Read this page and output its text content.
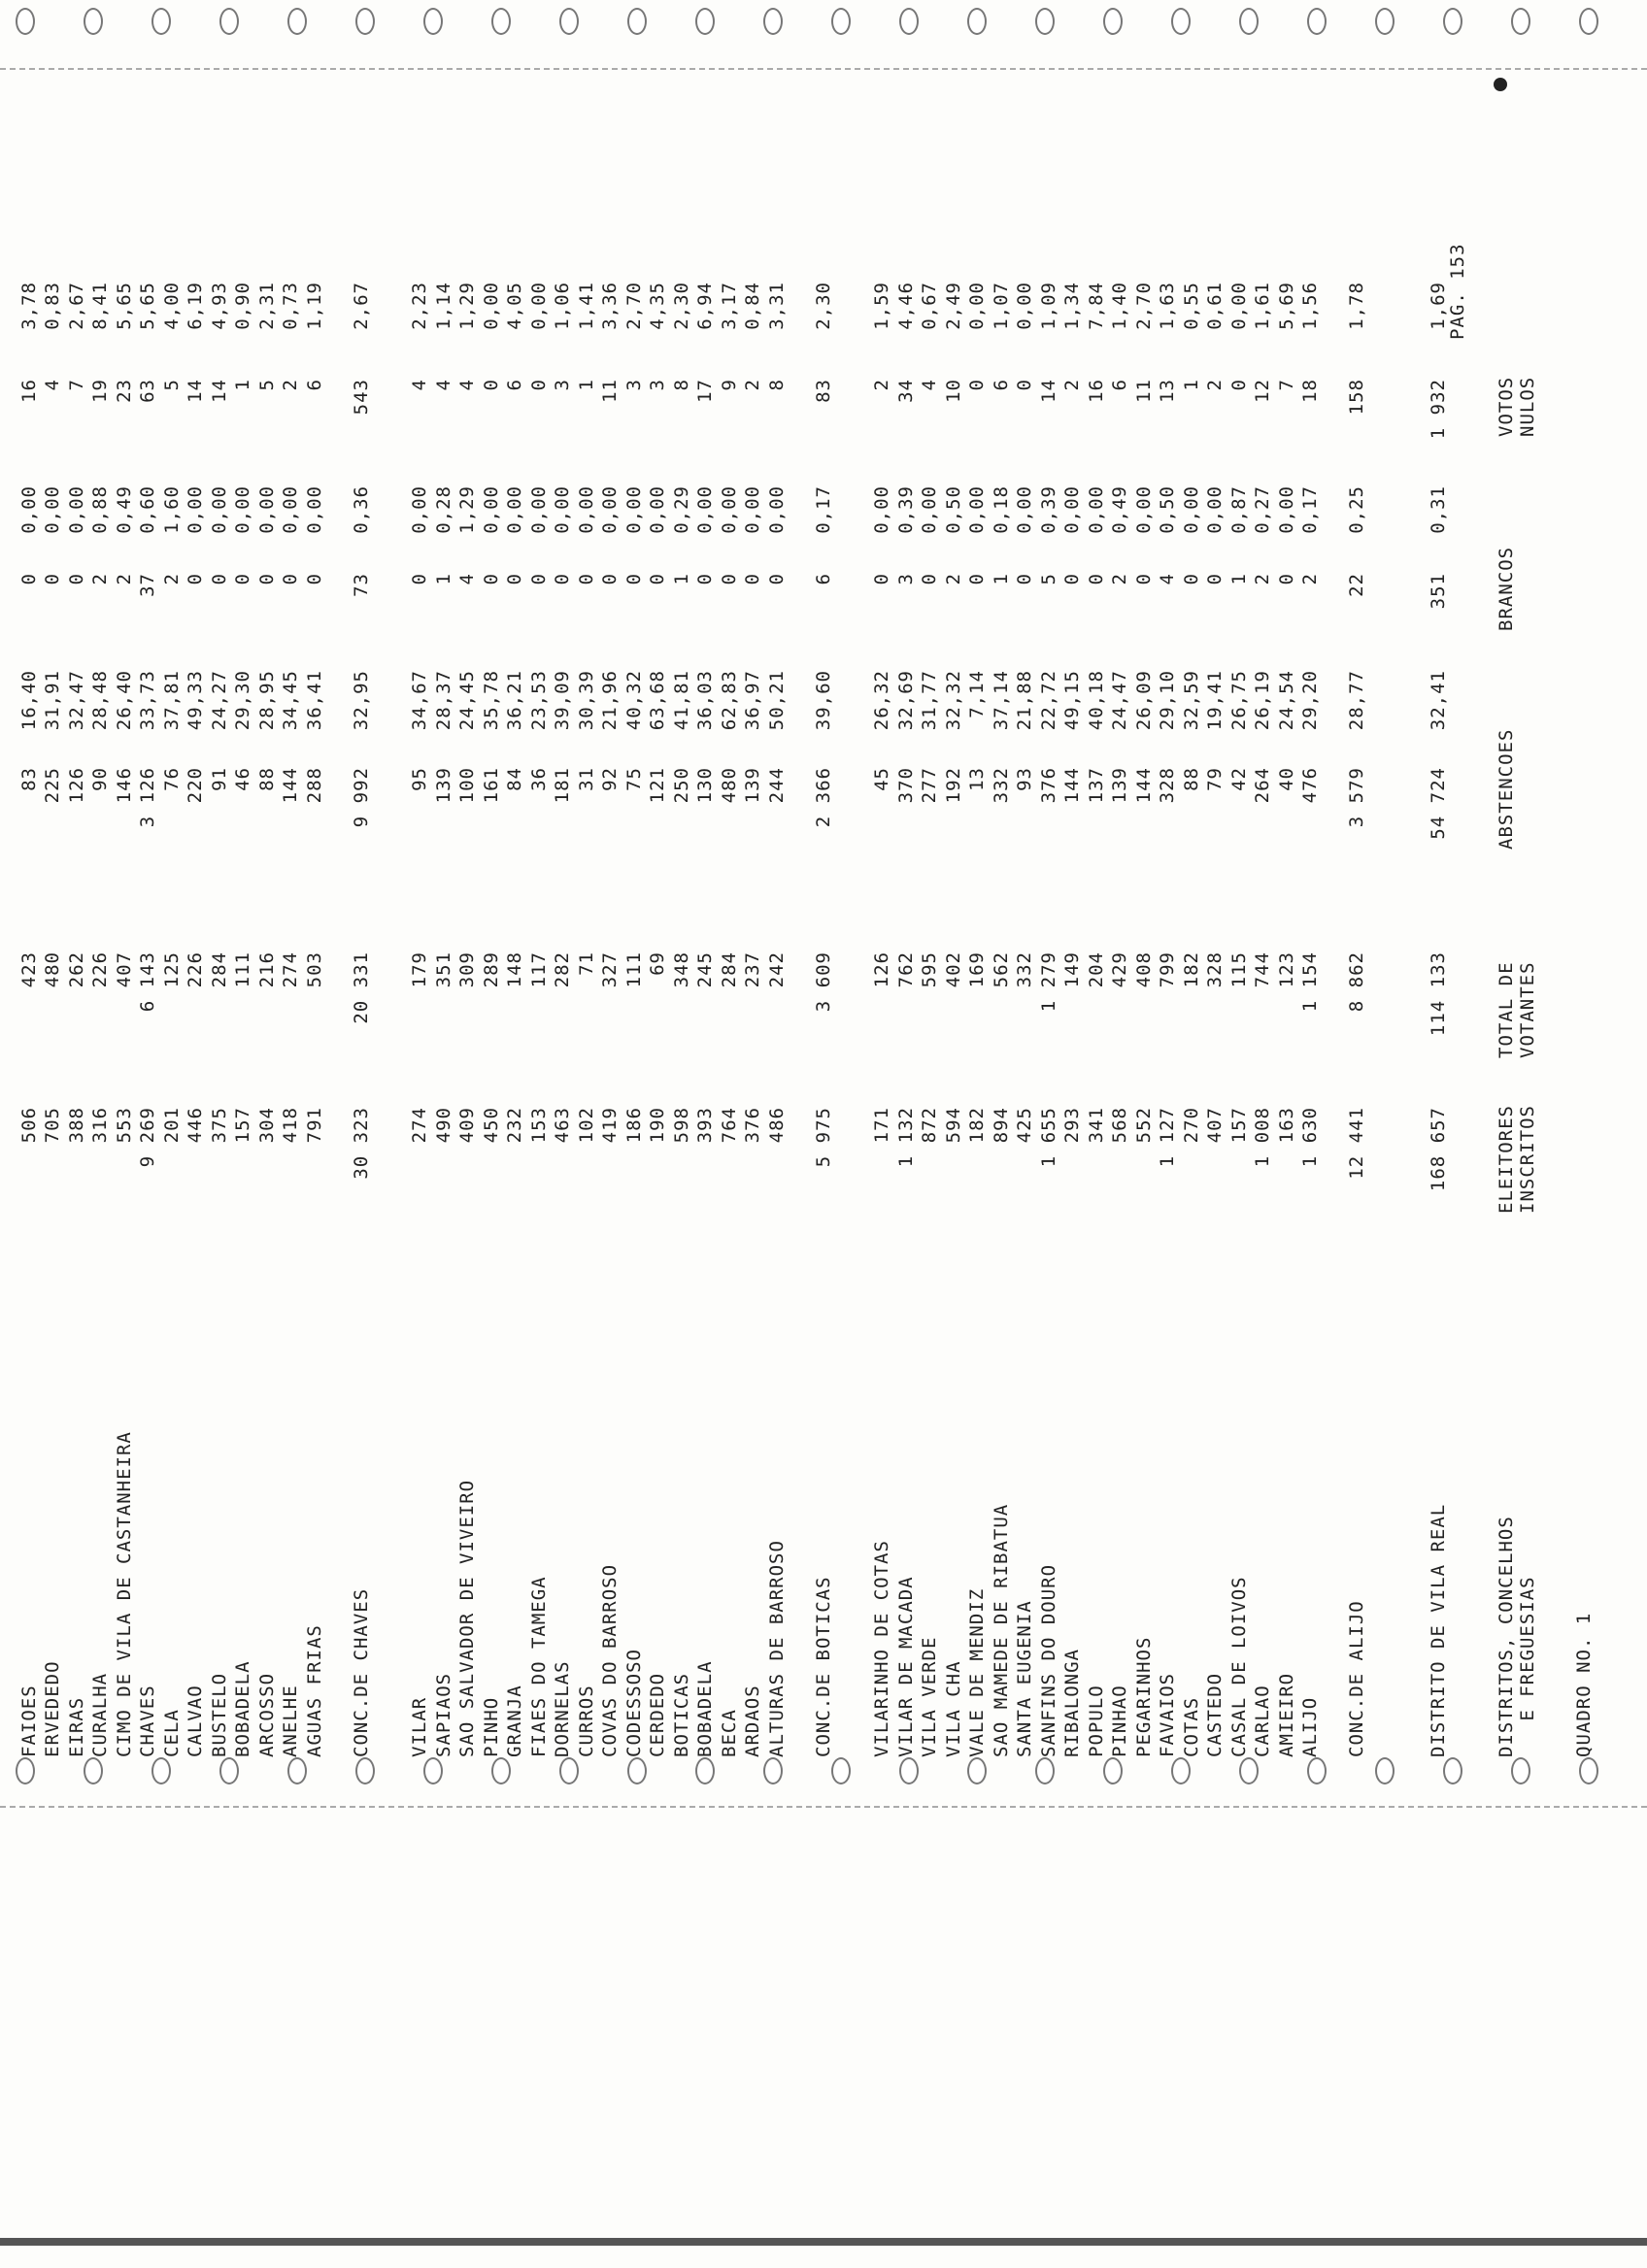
QUADRO NO. 1
PAG. 153
DISTRITOS, CONCELHOS
E FREGUESIAS
ELEITORES
INSCRITOS
TOTAL DE
VOTANTES
ABSTENCOES
BRANCOS
VOTOS
NULOS
DISTRITO DE VILA REAL
168 657
114 133
54 724
32,41
351
0,31
1 932
1,69
CONC.DE ALIJO
12 441
8 862
3 579
28,77
22
0,25
158
1,78
ALIJO
1 630
1 154
476
29,20
2
0,17
18
1,56
AMIEIRO
163
123
40
24,54
0
0,00
7
5,69
CARLAO
1 008
744
264
26,19
2
0,27
12
1,61
CASAL DE LOIVOS
157
115
42
26,75
1
0,87
0
0,00
CASTEDO
407
328
79
19,41
0
0,00
2
0,61
COTAS
270
182
88
32,59
0
0,00
1
0,55
FAVAIOS
1 127
799
328
29,10
4
0,50
13
1,63
PEGARINHOS
552
408
144
26,09
0
0,00
11
2,70
PINHAO
568
429
139
24,47
2
0,49
6
1,40
POPULO
341
204
137
40,18
0
0,00
16
7,84
RIBALONGA
293
149
144
49,15
0
0,00
2
1,34
SANFINS DO DOURO
1 655
1 279
376
22,72
5
0,39
14
1,09
SANTA EUGENIA
425
332
93
21,88
0
0,00
0
0,00
SAO MAMEDE DE RIBATUA
894
562
332
37,14
1
0,18
6
1,07
VALE DE MENDIZ
182
169
13
7,14
0
0,00
0
0,00
VILA CHA
594
402
192
32,32
2
0,50
10
2,49
VILA VERDE
872
595
277
31,77
0
0,00
4
0,67
VILAR DE MACADA
1 132
762
370
32,69
3
0,39
34
4,46
VILARINHO DE COTAS
171
126
45
26,32
0
0,00
2
1,59
CONC.DE BOTICAS
5 975
3 609
2 366
39,60
6
0,17
83
2,30
ALTURAS DE BARROSO
486
242
244
50,21
0
0,00
8
3,31
ARDAOS
376
237
139
36,97
0
0,00
2
0,84
BECA
764
284
480
62,83
0
0,00
9
3,17
BOBADELA
393
245
130
36,03
0
0,00
17
6,94
BOTICAS
598
348
250
41,81
1
0,29
8
2,30
CERDEDO
190
69
121
63,68
0
0,00
3
4,35
CODESSOSO
186
111
75
40,32
0
0,00
3
2,70
COVAS DO BARROSO
419
327
92
21,96
0
0,00
11
3,36
CURROS
102
71
31
30,39
0
0,00
1
1,41
DORNELAS
463
282
181
39,09
0
0,00
3
1,06
FIAES DO TAMEGA
153
117
36
23,53
0
0,00
0
0,00
GRANJA
232
148
84
36,21
0
0,00
6
4,05
PINHO
450
289
161
35,78
0
0,00
0
0,00
SAO SALVADOR DE VIVEIRO
409
309
100
24,45
4
1,29
4
1,29
SAPIAOS
490
351
139
28,37
1
0,28
4
1,14
VILAR
274
179
95
34,67
0
0,00
4
2,23
CONC.DE CHAVES
30 323
20 331
9 992
32,95
73
0,36
543
2,67
AGUAS FRIAS
791
503
288
36,41
0
0,00
6
1,19
ANELHE
418
274
144
34,45
0
0,00
2
0,73
ARCOSSO
304
216
88
28,95
0
0,00
5
2,31
BOBADELA
157
111
46
29,30
0
0,00
1
0,90
BUSTELO
375
284
91
24,27
0
0,00
14
4,93
CALVAO
446
226
220
49,33
0
0,00
14
6,19
CELA
201
125
76
37,81
2
1,60
5
4,00
CHAVES
9 269
6 143
3 126
33,73
37
0,60
63
5,65
CIMO DE VILA DE CASTANHEIRA
553
407
146
26,40
2
0,49
23
5,65
CURALHA
316
226
90
28,48
2
0,88
19
8,41
EIRAS
388
262
126
32,47
0
0,00
7
2,67
ERVEDEDO
705
480
225
31,91
0
0,00
4
0,83
FAIOES
506
423
83
16,40
0
0,00
16
3,78
